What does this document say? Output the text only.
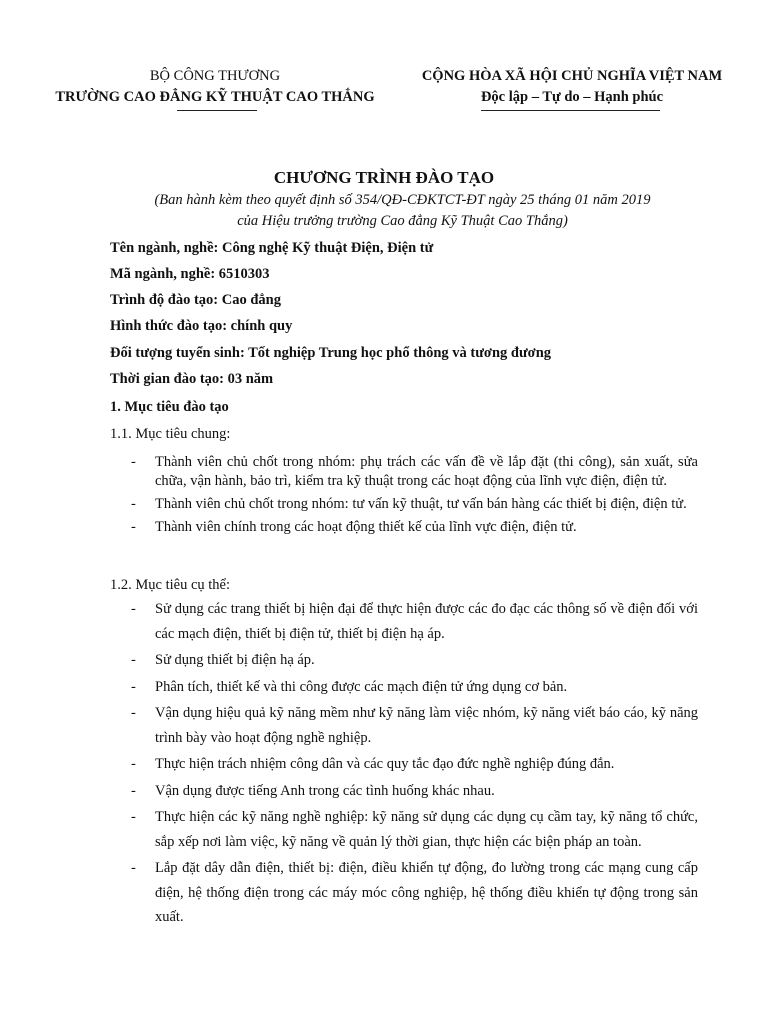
BỘ CÔNG THƯƠNG
TRƯỜNG CAO ĐẲNG KỸ THUẬT CAO THẮNG
CỘNG HÒA XÃ HỘI CHỦ NGHĨA VIỆT NAM
Độc lập – Tự do – Hạnh phúc
CHƯƠNG TRÌNH ĐÀO TẠO
(Ban hành kèm theo quyết định số 354/QĐ-CĐKTCT-ĐT ngày 25 tháng 01 năm 2019
của Hiệu trưởng trường Cao đẳng Kỹ Thuật Cao Thắng)
Tên ngành, nghề: Công nghệ Kỹ thuật Điện, Điện tử
Mã ngành, nghề: 6510303
Trình độ đào tạo: Cao đẳng
Hình thức đào tạo: chính quy
Đối tượng tuyển sinh: Tốt nghiệp Trung học phổ thông và tương đương
Thời gian đào tạo: 03 năm
1. Mục tiêu đào tạo
1.1. Mục tiêu chung:
- Thành viên chủ chốt trong nhóm: phụ trách các vấn đề về lắp đặt (thi công), sản xuất, sửa chữa, vận hành, bảo trì, kiểm tra kỹ thuật trong các hoạt động của lĩnh vực điện, điện tử.
- Thành viên chủ chốt trong nhóm: tư vấn kỹ thuật, tư vấn bán hàng các thiết bị điện, điện tử.
- Thành viên chính trong các hoạt động thiết kế của lĩnh vực điện, điện tử.
1.2. Mục tiêu cụ thể:
- Sử dụng các trang thiết bị hiện đại để thực hiện được các đo đạc các thông số về điện đối với các mạch điện, thiết bị điện tử, thiết bị điện hạ áp.
- Sử dụng thiết bị điện hạ áp.
- Phân tích, thiết kế và thi công được các mạch điện tử ứng dụng cơ bản.
- Vận dụng hiệu quả kỹ năng mềm như kỹ năng làm việc nhóm, kỹ năng viết báo cáo, kỹ năng trình bày vào hoạt động nghề nghiệp.
- Thực hiện trách nhiệm công dân và các quy tắc đạo đức nghề nghiệp đúng đắn.
- Vận dụng được tiếng Anh trong các tình huống khác nhau.
- Thực hiện các kỹ năng nghề nghiệp: kỹ năng sử dụng các dụng cụ cầm tay, kỹ năng tổ chức, sắp xếp nơi làm việc, kỹ năng về quản lý thời gian, thực hiện các biện pháp an toàn.
- Lắp đặt dây dẫn điện, thiết bị: điện, điều khiển tự động, đo lường trong các mạng cung cấp điện, hệ thống điện trong các máy móc công nghiệp, hệ thống điều khiển tự động trong sản xuất.
